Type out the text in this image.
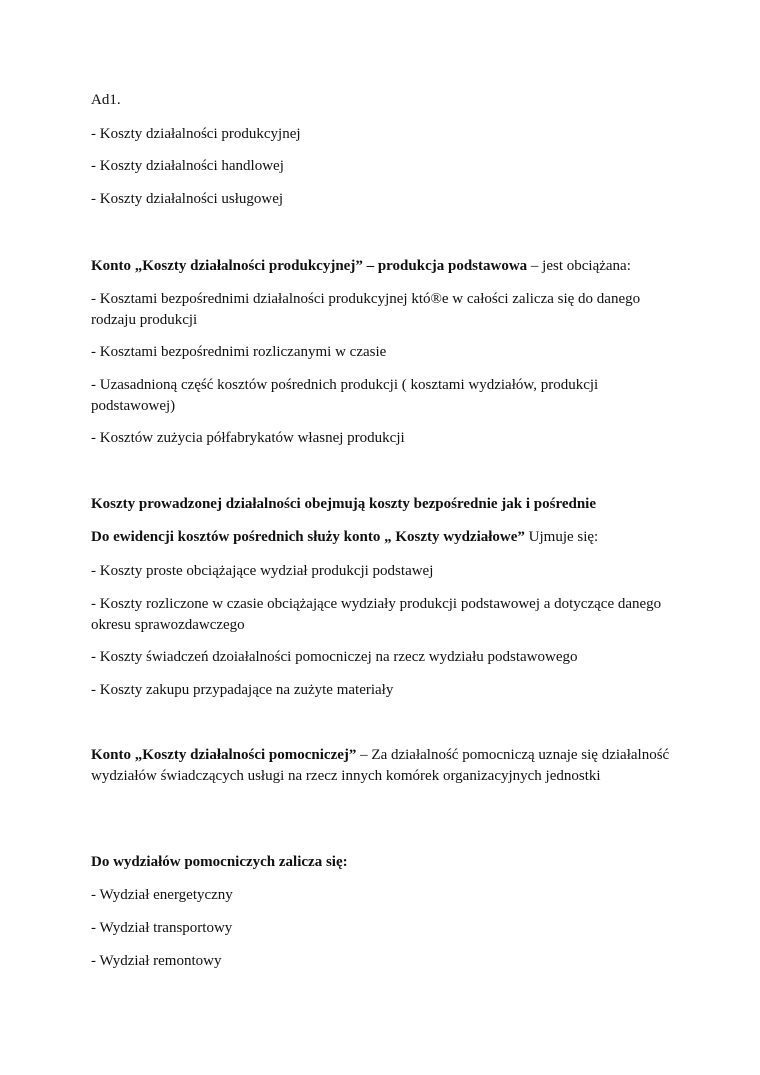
Ad1.

- Koszty działalności produkcyjnej

- Koszty działalności handlowej

- Koszty działalności usługowej

Konto „Koszty działalności produkcyjnej” – produkcja podstawowa – jest obciążana:

- Kosztami bezpośrednimi działalności produkcyjnej któ®e w całości zalicza się do danego rodzaju produkcji

- Kosztami bezpośrednimi rozliczanymi w czasie

- Uzasadnioną część kosztów pośrednich produkcji ( kosztami wydziałów, produkcji podstawowej)

- Kosztów zużycia półfabrykatów własnej produkcji

Koszty prowadzonej działalności obejmują koszty bezpośrednie jak i pośrednie

Do ewidencji kosztów pośrednich służy konto „ Koszty wydziałowe” Ujmuje się:

- Koszty proste obciążające wydział produkcji podstawej

- Koszty rozliczone w czasie obciążające wydziały produkcji podstawowej a dotyczące danego okresu sprawozdawczego

- Koszty świadczeń dzoiałalności pomocniczej na rzecz wydziału podstawowego

- Koszty zakupu przypadające na zużyte materiały

Konto „Koszty działalności pomocniczej” – Za działalność pomocniczą uznaje się działalność wydziałów świadczących usługi na rzecz innych komórek organizacyjnych jednostki

Do wydziałów pomocniczych zalicza się:

- Wydział energetyczny

- Wydział transportowy

- Wydział remontowy
